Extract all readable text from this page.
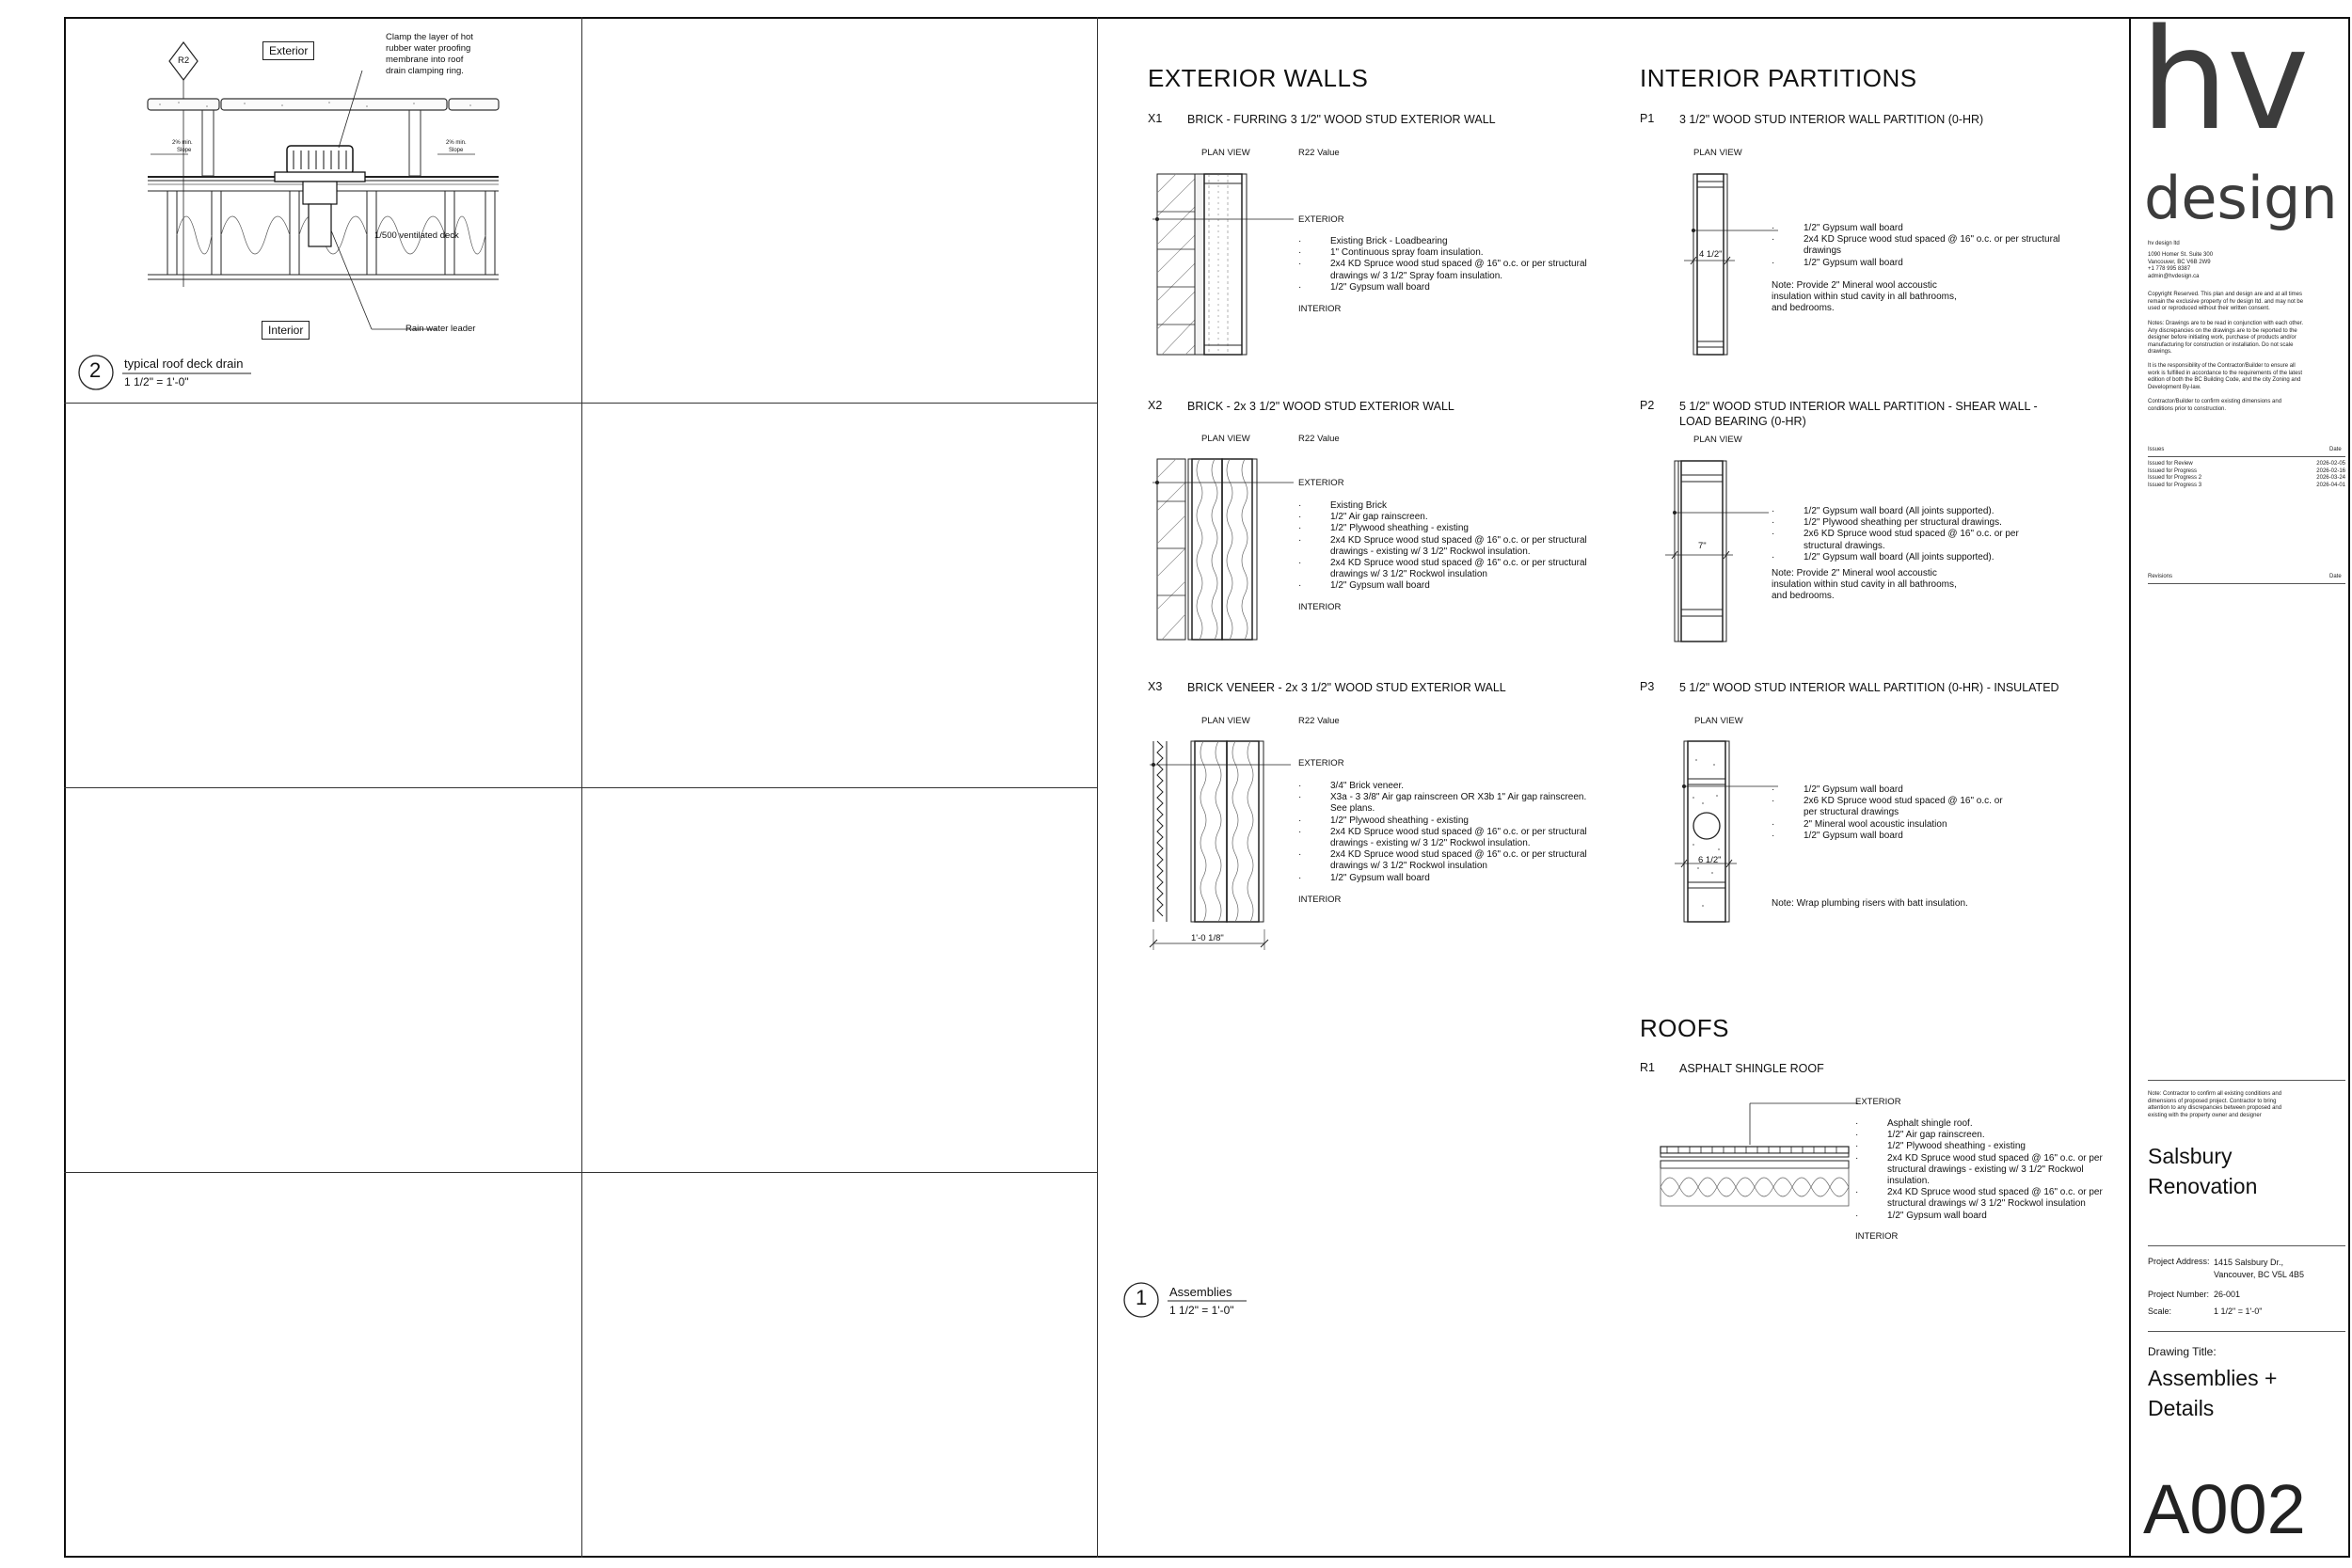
R2
Exterior
Interior
Clamp the layer of hot
rubber water proofing
membrane into roof
drain clamping ring.
1/500 ventilated deck
Rain water leader
2% min.
Slope
2% min.
Slope
2 typical roof deck drain
1 1/2" = 1'-0"
EXTERIOR WALLS
X1 BRICK - FURRING 3 1/2" WOOD STUD EXTERIOR WALL
PLAN VIEW	R22 Value
EXTERIOR
·	Existing Brick - Loadbearing
·	1" Continuous spray foam insulation.
·	2x4 KD Spruce wood stud spaced @ 16" o.c. or per structural
drawings w/ 3 1/2" Spray foam insulation.
·	1/2" Gypsum wall board
INTERIOR
X2 BRICK - 2x 3 1/2" WOOD STUD EXTERIOR WALL
PLAN VIEW	R22 Value
EXTERIOR
·	Existing Brick
·	1/2" Air gap rainscreen.
·	1/2" Plywood sheathing - existing
·	2x4 KD Spruce wood stud spaced @ 16" o.c. or per structural
drawings - existing w/ 3 1/2" Rockwol insulation.
·	2x4 KD Spruce wood stud spaced @ 16" o.c. or per structural
drawings w/ 3 1/2" Rockwol insulation
·	1/2" Gypsum wall board
INTERIOR
X3 BRICK VENEER - 2x 3 1/2" WOOD STUD EXTERIOR WALL
PLAN VIEW	R22 Value
1'-0 1/8"
EXTERIOR
·	3/4" Brick veneer.
·	X3a - 3 3/8" Air gap rainscreen OR X3b 1" Air gap rainscreen.
See plans.
·	1/2" Plywood sheathing - existing
·	2x4 KD Spruce wood stud spaced @ 16" o.c. or per structural
drawings - existing w/ 3 1/2" Rockwol insulation.
·	2x4 KD Spruce wood stud spaced @ 16" o.c. or per structural
drawings w/ 3 1/2" Rockwol insulation
·	1/2" Gypsum wall board
INTERIOR
INTERIOR PARTITIONS
P1 3 1/2" WOOD STUD INTERIOR WALL PARTITION (0-HR)
PLAN VIEW
4 1/2"
·	1/2" Gypsum wall board
·	2x4 KD Spruce wood stud spaced @ 16" o.c. or per structural
drawings
·	1/2" Gypsum wall board
Note: Provide 2" Mineral wool accoustic
insulation within stud cavity in all bathrooms,
and bedrooms.
P2 5 1/2" WOOD STUD INTERIOR WALL PARTITION - SHEAR WALL -
LOAD BEARING (0-HR)
PLAN VIEW
7"
·	1/2" Gypsum wall board (All joints supported).
·	1/2" Plywood sheathing per structural drawings.
·	2x6 KD Spruce wood stud spaced @ 16" o.c. or per
structural drawings.
·	1/2" Gypsum wall board (All joints supported).
Note: Provide 2" Mineral wool accoustic
insulation within stud cavity in all bathrooms,
and bedrooms.
P3 5 1/2" WOOD STUD INTERIOR WALL PARTITION (0-HR) - INSULATED
PLAN VIEW
6 1/2"
·	1/2" Gypsum wall board
·	2x6 KD Spruce wood stud spaced @ 16" o.c. or
per structural drawings
·	2" Mineral wool acoustic insulation
·	1/2" Gypsum wall board
Note: Wrap plumbing risers with batt insulation.
ROOFS
R1 ASPHALT SHINGLE ROOF
EXTERIOR
·	Asphalt shingle roof.
·	1/2" Air gap rainscreen.
·	1/2" Plywood sheathing - existing
·	2x4 KD Spruce wood stud spaced @ 16" o.c. or per
structural drawings - existing w/ 3 1/2" Rockwol
insulation.
·	2x4 KD Spruce wood stud spaced @ 16" o.c. or per
structural drawings w/ 3 1/2" Rockwol insulation
·	1/2" Gypsum wall board
INTERIOR
1 Assemblies
1 1/2" = 1'-0"
hv
design
hv design ltd
1090 Homer St. Suite 300
Vancouver, BC V6B 2W9
+1 778 995 8387
admin@hvdesign.ca
Copyright Reserved. This plan and design are and at all times
remain the exclusive property of hv design ltd. and may not be
used or reproduced without their written consent.
Notes: Drawings are to be read in conjunction with each other.
Any discrepancies on the drawings are to be reported to the
designer before initiating work, purchase of products and/or
manufacturing for construction or installation. Do not scale
drawings.
It is the responsibility of the Contractor/Builder to ensure all
work is fulfilled in accordance to the requirements of the latest
edition of both the BC Building Code, and the city Zoning and
Development By-law.
Contractor/Builder to confirm existing dimensions and
conditions prior to construction.
Issues	Date
Issued for Review	2026-02-05
Issued for Progress	2026-02-16
Issued for Progress 2	2026-03-24
Issued for Progress 3	2026-04-01
Revisions	Date
Note: Contractor to confirm all existing conditions and
dimensions of proposed project. Contractor to bring
attention to any discrepancies between proposed and
existing with the property owner and designer
Salsbury
Renovation
Project Address: 1415 Salsbury Dr.,
Vancouver, BC V5L 4B5
Project Number: 26-001
Scale:	1 1/2" = 1'-0"
Drawing Title:
Assemblies +
Details
A002
